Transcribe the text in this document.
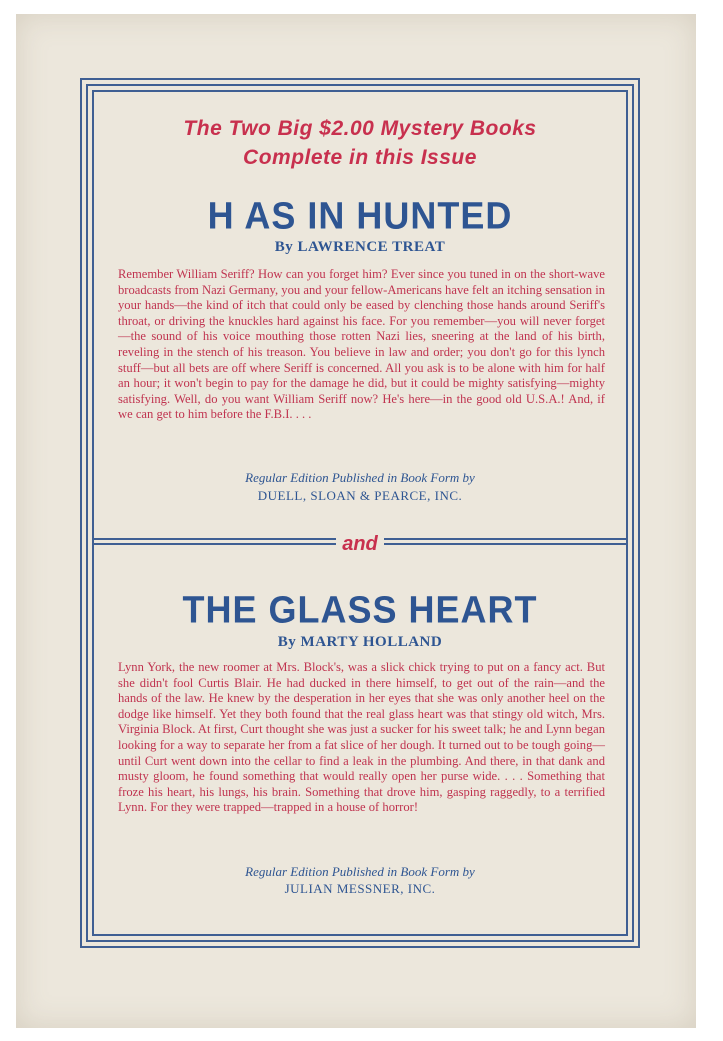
The Two Big $2.00 Mystery Books
Complete in this Issue
H AS IN HUNTED
By LAWRENCE TREAT
Remember William Seriff? How can you forget him? Ever since you tuned in on the short-wave broadcasts from Nazi Germany, you and your fellow-Americans have felt an itching sensation in your hands—the kind of itch that could only be eased by clenching those hands around Seriff's throat, or driving the knuckles hard against his face. For you remember—you will never forget—the sound of his voice mouthing those rotten Nazi lies, sneering at the land of his birth, reveling in the stench of his treason. You believe in law and order; you don't go for this lynch stuff—but all bets are off where Seriff is concerned. All you ask is to be alone with him for half an hour; it won't begin to pay for the damage he did, but it could be mighty satisfying—mighty satisfying. Well, do you want William Seriff now? He's here—in the good old U.S.A.! And, if we can get to him before the F.B.I. . . .
Regular Edition Published in Book Form by
DUELL, SLOAN & PEARCE, INC.
and
THE GLASS HEART
By MARTY HOLLAND
Lynn York, the new roomer at Mrs. Block's, was a slick chick trying to put on a fancy act. But she didn't fool Curtis Blair. He had ducked in there himself, to get out of the rain—and the hands of the law. He knew by the desperation in her eyes that she was only another heel on the dodge like himself. Yet they both found that the real glass heart was that stingy old witch, Mrs. Virginia Block. At first, Curt thought she was just a sucker for his sweet talk; he and Lynn began looking for a way to separate her from a fat slice of her dough. It turned out to be tough going—until Curt went down into the cellar to find a leak in the plumbing. And there, in that dank and musty gloom, he found something that would really open her purse wide. . . . Something that froze his heart, his lungs, his brain. Something that drove him, gasping raggedly, to a terrified Lynn. For they were trapped—trapped in a house of horror!
Regular Edition Published in Book Form by
JULIAN MESSNER, INC.
